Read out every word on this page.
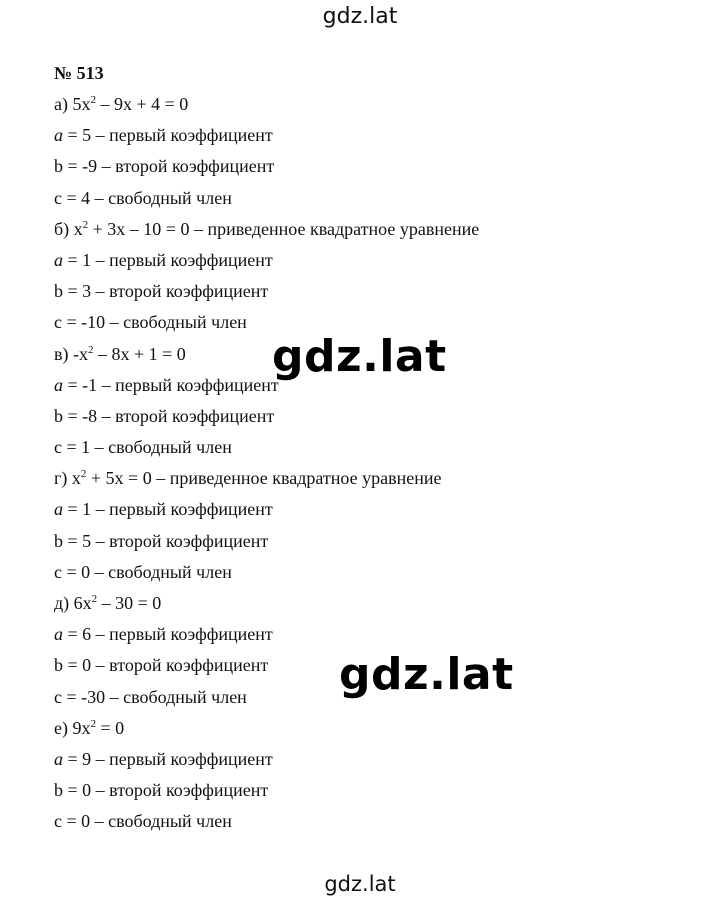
gdz.lat
№ 513
а) $5x^2 - 9x + 4 = 0$
a = 5 – первый коэффициент
b = -9 – второй коэффициент
c = 4 – свободный член
б) $x^2 + 3x - 10 = 0$ – приведенное квадратное уравнение
a = 1 – первый коэффициент
b = 3 – второй коэффициент
c = -10 – свободный член
в) $-x^2 - 8x + 1 = 0$
a = -1 – первый коэффициент
b = -8 – второй коэффициент
c = 1 – свободный член
г) $x^2 + 5x = 0$ – приведенное квадратное уравнение
a = 1 – первый коэффициент
b = 5 – второй коэффициент
c = 0 – свободный член
д) $6x^2 - 30 = 0$
a = 6 – первый коэффициент
b = 0 – второй коэффициент
c = -30 – свободный член
е) $9x^2 = 0$
a = 9 – первый коэффициент
b = 0 – второй коэффициент
c = 0 – свободный член
gdz.lat
gdz.lat
gdz.lat
